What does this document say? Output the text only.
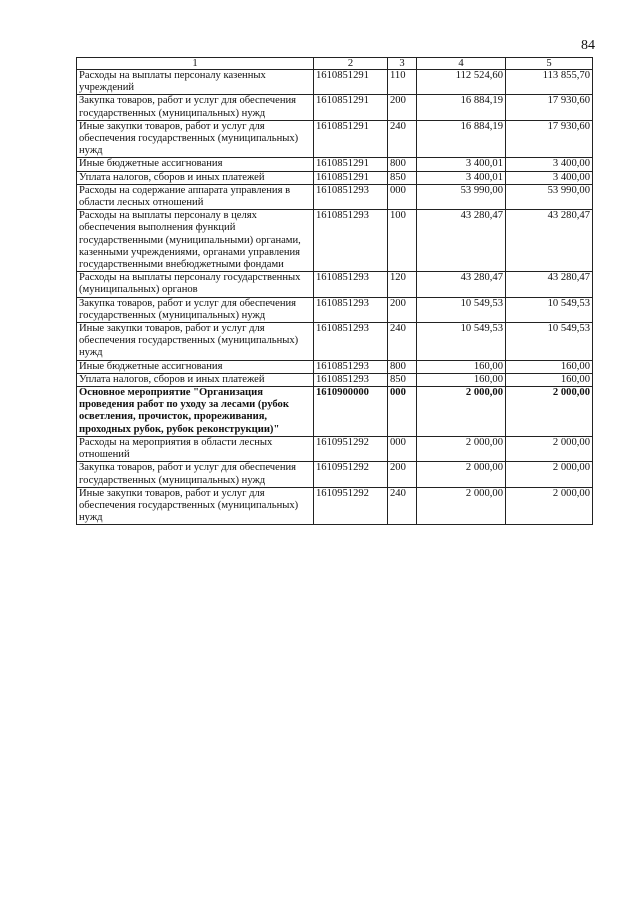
84
1	2	3	4	5
Расходы на выплаты персоналу казенных учреждений	1610851291	110	112 524,60	113 855,70
Закупка товаров, работ и услуг для обеспечения государственных (муниципальных) нужд	1610851291	200	16 884,19	17 930,60
Иные закупки товаров, работ и услуг для обеспечения государственных (муниципальных) нужд	1610851291	240	16 884,19	17 930,60
Иные бюджетные ассигнования	1610851291	800	3 400,01	3 400,00
Уплата налогов, сборов и иных платежей	1610851291	850	3 400,01	3 400,00
Расходы на содержание аппарата управления в области лесных отношений	1610851293	000	53 990,00	53 990,00
Расходы на выплаты персоналу в целях обеспечения выполнения функций государственными (муниципальными) органами, казенными учреждениями, органами управления государственными внебюджетными фондами	1610851293	100	43 280,47	43 280,47
Расходы на выплаты персоналу государственных (муниципальных) органов	1610851293	120	43 280,47	43 280,47
Закупка товаров, работ и услуг для обеспечения государственных (муниципальных) нужд	1610851293	200	10 549,53	10 549,53
Иные закупки товаров, работ и услуг для обеспечения государственных (муниципальных) нужд	1610851293	240	10 549,53	10 549,53
Иные бюджетные ассигнования	1610851293	800	160,00	160,00
Уплата налогов, сборов и иных платежей	1610851293	850	160,00	160,00
Основное мероприятие "Организация проведения работ по уходу за лесами (рубок осветления, прочисток, прореживания, проходных рубок, рубок реконструкции)"	1610900000	000	2 000,00	2 000,00
Расходы на мероприятия в области лесных отношений	1610951292	000	2 000,00	2 000,00
Закупка товаров, работ и услуг для обеспечения государственных (муниципальных) нужд	1610951292	200	2 000,00	2 000,00
Иные закупки товаров, работ и услуг для обеспечения государственных (муниципальных) нужд	1610951292	240	2 000,00	2 000,00
